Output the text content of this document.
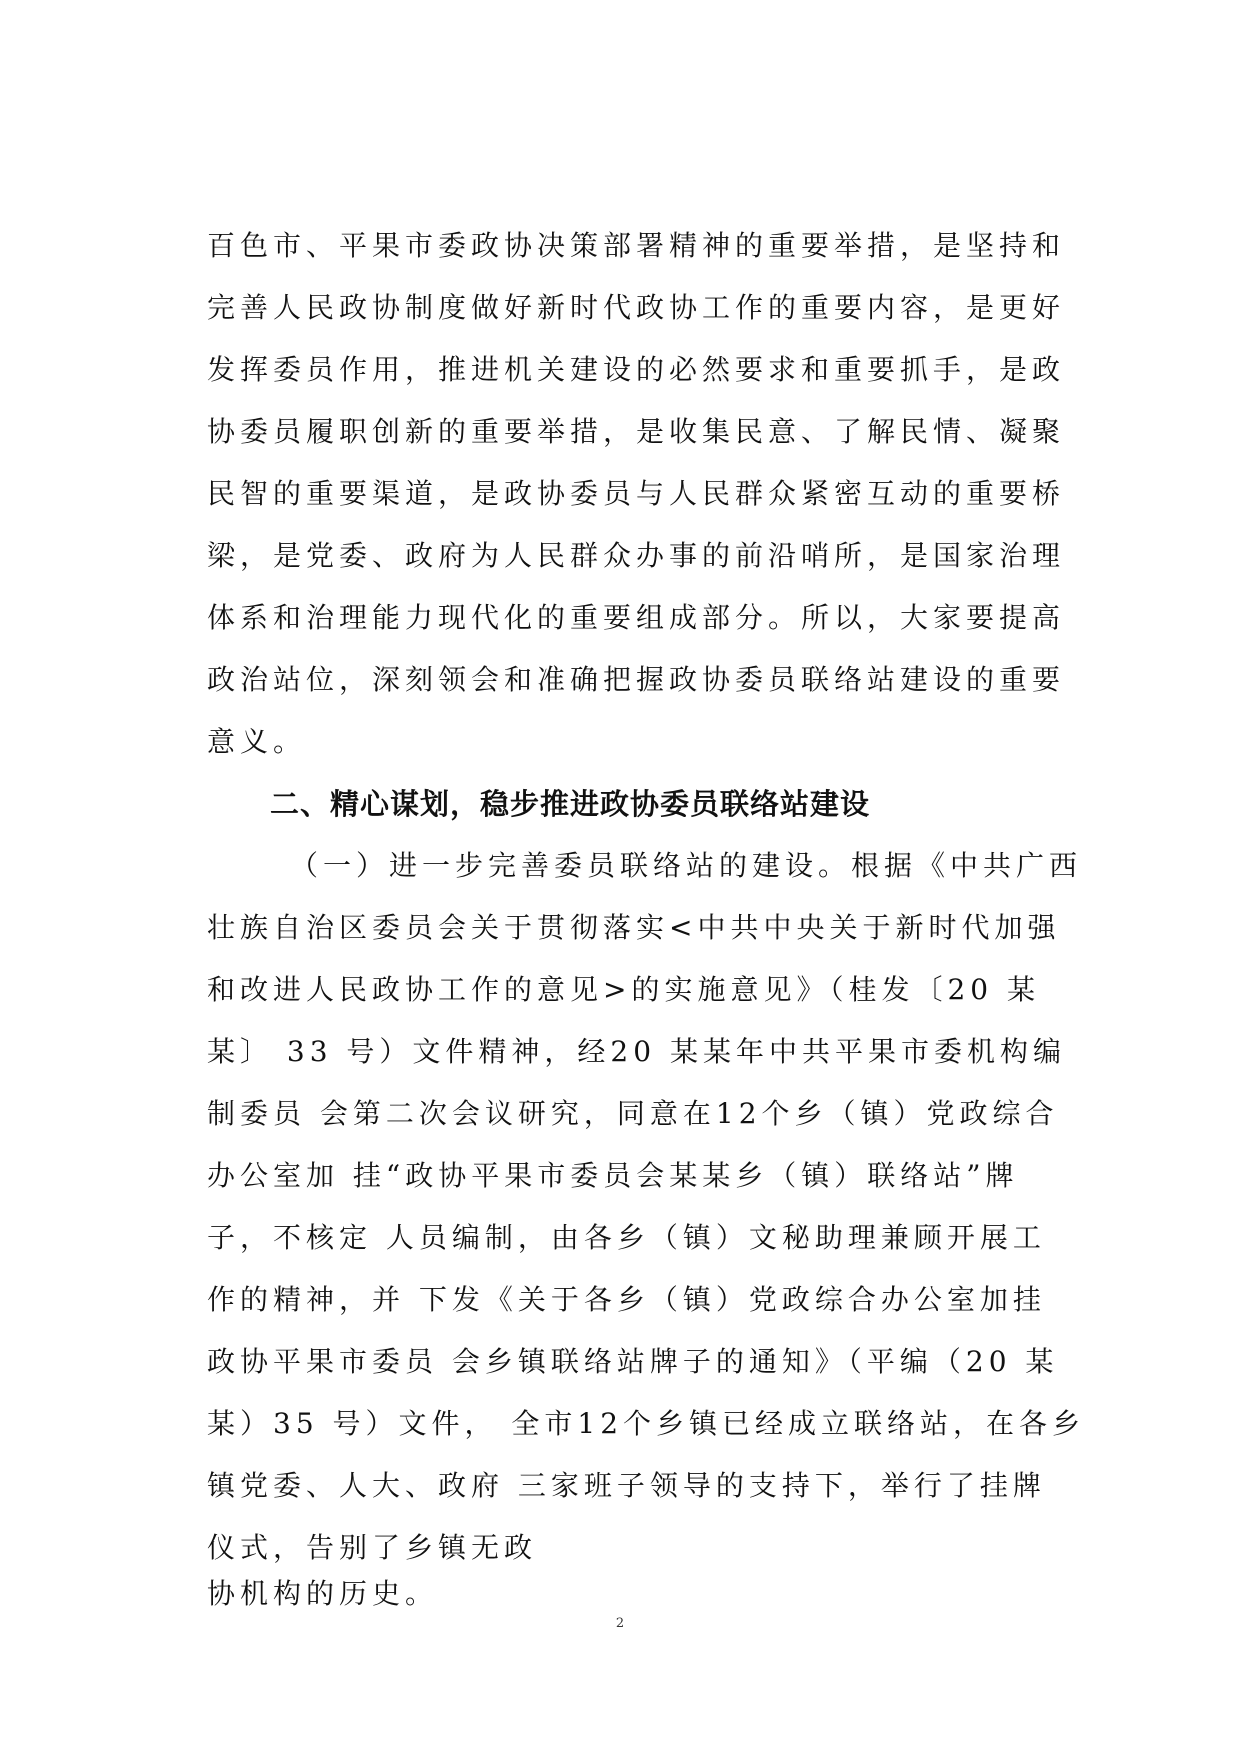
百色市、平果市委政协决策部署精神的重要举措，是坚持和
完善人民政协制度做好新时代政协工作的重要内容，是更好
发挥委员作用，推进机关建设的必然要求和重要抓手，是政
协委员履职创新的重要举措，是收集民意、了解民情、凝聚
民智的重要渠道，是政协委员与人民群众紧密互动的重要桥
梁，是党委、政府为人民群众办事的前沿哨所，是国家治理
体系和治理能力现代化的重要组成部分。所以，大家要提高
政治站位，深刻领会和准确把握政协委员联络站建设的重要
意义。
二、精心谋划，稳步推进政协委员联络站建设
（一）进一步完善委员联络站的建设。根据《中共广西
壮族自治区委员会关于贯彻落实<中共中央关于新时代加强
和改进人民政协工作的意见>的实施意见》（桂发〔20 某
某〕 33 号）文件精神，经20 某某年中共平果市委机构编
制委员 会第二次会议研究，同意在12个乡（镇）党政综合
办公室加 挂“政协平果市委员会某某乡（镇）联络站”牌
子，不核定 人员编制，由各乡（镇）文秘助理兼顾开展工
作的精神，并 下发《关于各乡（镇）党政综合办公室加挂
政协平果市委员 会乡镇联络站牌子的通知》（平编（20 某
某）35 号）文件， 全市12个乡镇已经成立联络站，在各乡
镇党委、人大、政府 三家班子领导的支持下，举行了挂牌
仪式，告别了乡镇无政
协机构的历史。
2
